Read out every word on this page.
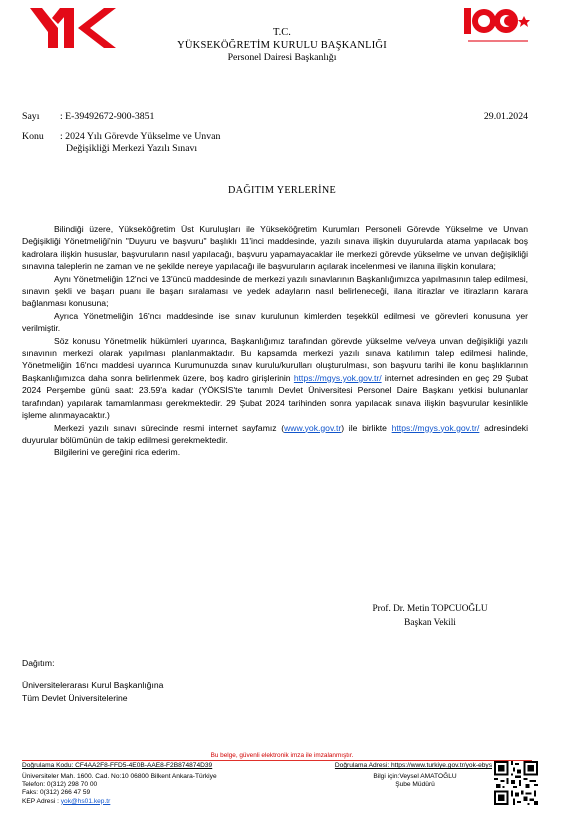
T.C.
YÜKSEKÖĞRETİM KURULU BAŞKANLIĞI
Personel Dairesi Başkanlığı
Sayı : E-39492672-900-3851	29.01.2024
Konu : 2024 Yılı Görevde Yükselme ve Unvan
Değişikliği Merkezi Yazılı Sınavı
DAĞITIM YERLERİNE

Bilindiği üzere, Yükseköğretim Üst Kuruluşları ile Yükseköğretim Kurumları Personeli Görevde Yükselme ve Unvan Değişikliği Yönetmeliği'nin "Duyuru ve başvuru" başlıklı 11'inci maddesinde, yazılı sınava ilişkin duyurularda atama yapılacak boş kadrolara ilişkin hususlar, başvuruların nasıl yapılacağı, başvuru yapamayacaklar ile merkezi görevde yükselme ve unvan değişikliği sınavına taleplerin ne zaman ve ne şekilde nereye yapılacağı ile başvuruların açılarak incelenmesi ve ilanına ilişkin konulara;

Aynı Yönetmeliğin 12'nci ve 13'üncü maddesinde de merkezi yazılı sınavlarının Başkanlığımızca yapılmasının talep edilmesi, sınavın şekli ve başarı puanı ile başarı sıralaması ve yedek adayların nasıl belirleneceği, ilana itirazlar ve itirazların karara bağlanması konusuna;

Ayrıca Yönetmeliğin 16'ncı maddesinde ise sınav kurulunun kimlerden teşekkül edilmesi ve görevleri konusuna yer verilmiştir.

Söz konusu Yönetmelik hükümleri uyarınca, Başkanlığımız tarafından görevde yükselme ve/veya unvan değişikliği yazılı sınavının merkezi olarak yapılması planlanmaktadır. Bu kapsamda merkezi yazılı sınava katılımın talep edilmesi halinde, Yönetmeliğin 16'ncı maddesi uyarınca Kurumunuzda sınav kurulu/kurulları oluşturulması, son başvuru tarihi ile konu başlıklarının Başkanlığımızca daha sonra belirlenmek üzere, boş kadro girişlerinin https://mgys.yok.gov.tr/ internet adresinden en geç 29 Şubat 2024 Perşembe günü saat: 23.59'a kadar (YÖKSİS'te tanımlı Devlet Üniversitesi Personel Daire Başkanı yetkisi bulunanlar tarafından) yapılarak tamamlanması gerekmektedir. 29 Şubat 2024 tarihinden sonra yapılacak sınava ilişkin başvurular kesinlikle işleme alınmayacaktır.)

Merkezi yazılı sınavı sürecinde resmi internet sayfamız (www.yok.gov.tr) ile birlikte https://mgys.yok.gov.tr/ adresindeki duyurular bölümünün de takip edilmesi gerekmektedir.

Bilgilerini ve gereğini rica ederim.

Prof. Dr. Metin TOPCUOĞLU
Başkan Vekili
Dağıtım:
Üniversitelerarası Kurul Başkanlığına
Tüm Devlet Üniversitelerine
Bu belge, güvenli elektronik imza ile imzalanmıştır.
Doğrulama Kodu: CF4AA2F8-FFD5-4E0B-AAE8-F2B874874D39	Doğrulama Adresi: https://www.turkiye.gov.tr/yok-ebys
Üniversiteler Mah. 1600. Cad. No:10 06800 Bilkent Ankara-Türkiye
Telefon: 0(312) 298 70 00
Faks: 0(312) 266 47 59
KEP Adresi : yok@hs01.kep.tr
Bilgi için:Veysel AMATOĞLU
Şube Müdürü
